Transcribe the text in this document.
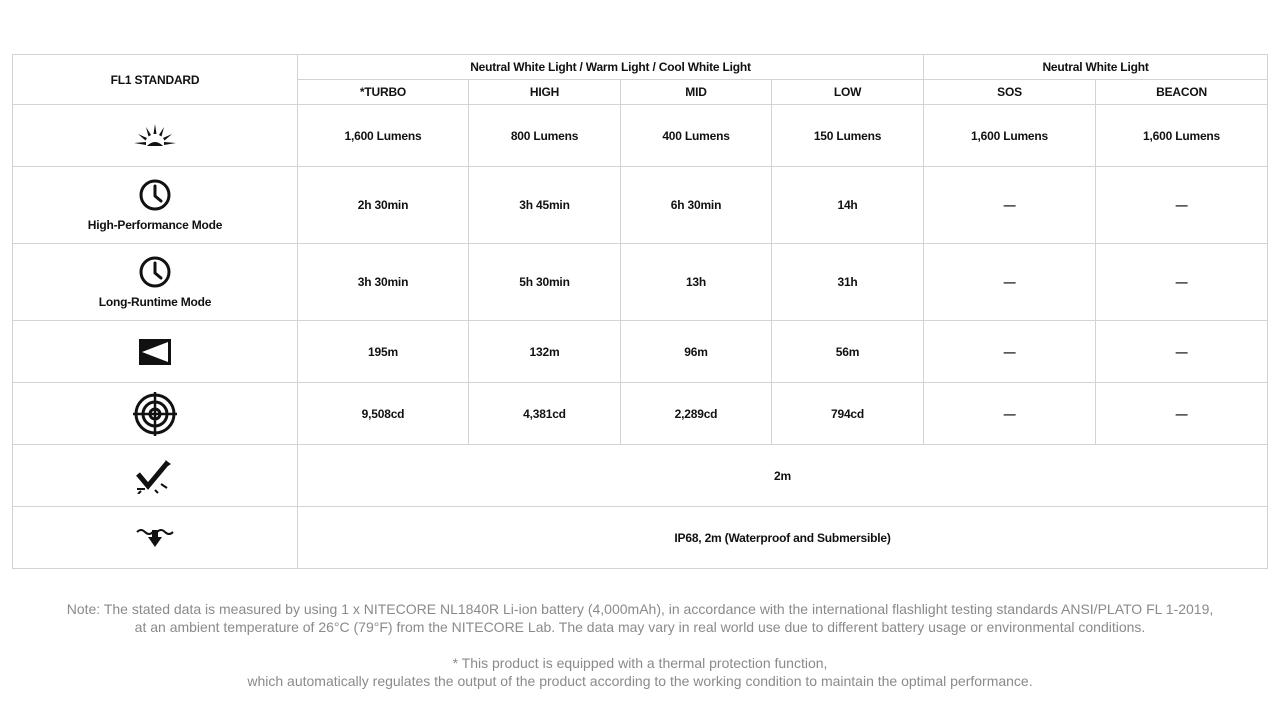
FL1 STANDARD	Neutral White Light / Warm Light / Cool White Light				Neutral White Light	
	*TURBO	HIGH	MID	LOW	SOS	BEACON

	1,600 Lumens	800 Lumens	400 Lumens	150 Lumens	1,600 Lumens	1,600 Lumens

High-Performance Mode	2h 30min	3h 45min	6h 30min	14h	—	—

Long-Runtime Mode	3h 30min	5h 30min	13h	31h	—	—

	195m	132m	96m	56m	—	—

	9,508cd	4,381cd	2,289cd	794cd	—	—

	2m					

	IP68, 2m (Waterproof and Submersible)					

Note: The stated data is measured by using 1 x NITECORE NL1840R Li-ion battery (4,000mAh), in accordance with the international flashlight testing standards ANSI/PLATO FL 1-2019,

at an ambient temperature of 26°C (79°F) from the NITECORE Lab. The data may vary in real world use due to different battery usage or environmental conditions.

* This product is equipped with a thermal protection function,

which automatically regulates the output of the product according to the working condition to maintain the optimal performance.
